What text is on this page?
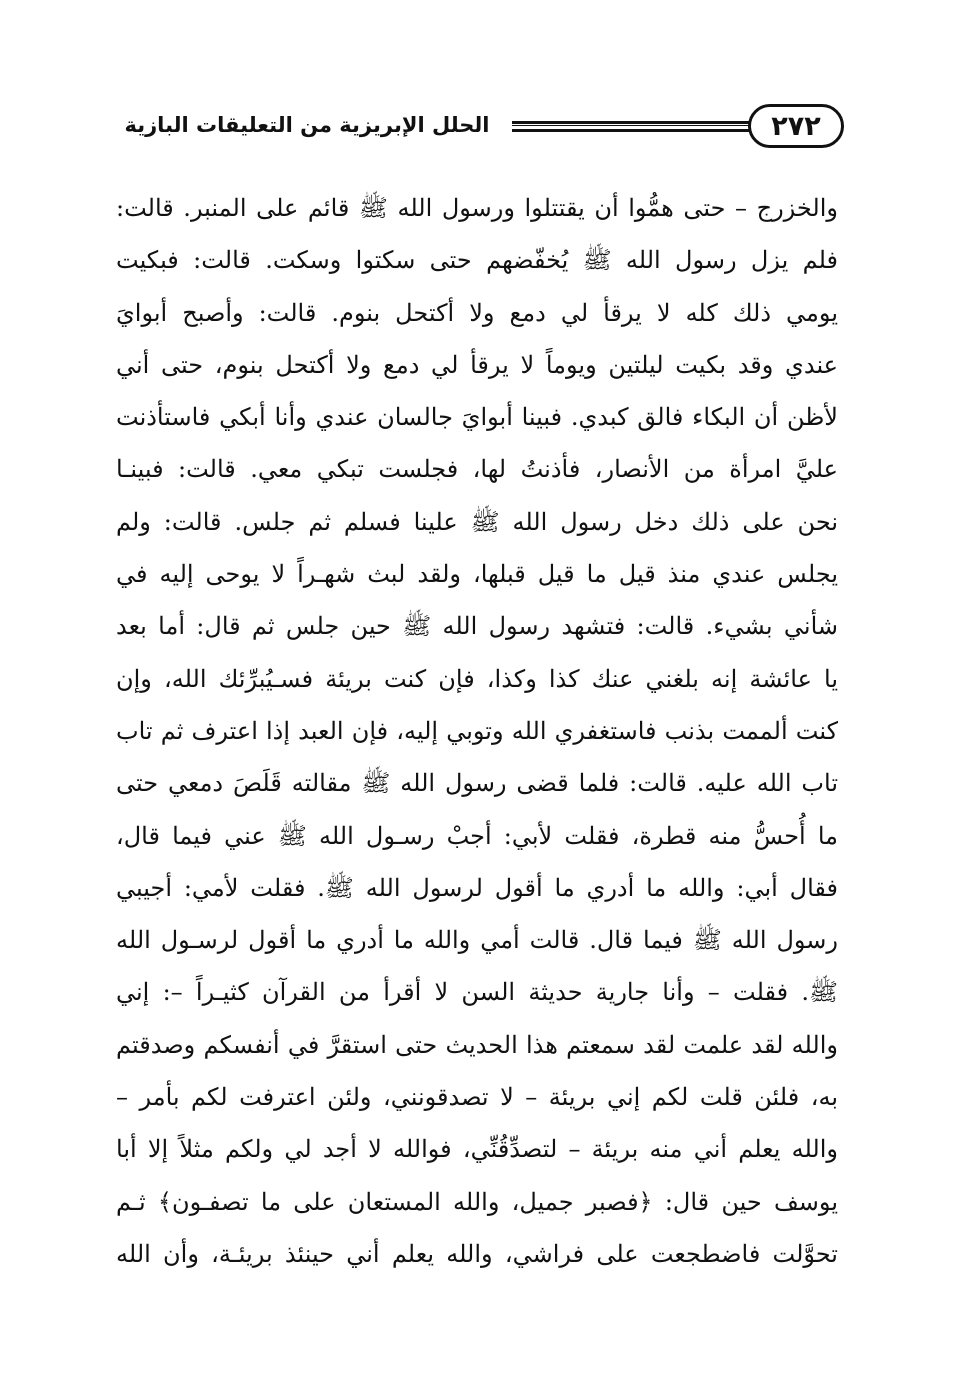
٢٧٢
الحلل الإبريزية من التعليقات البازية
والخزرج – حتى همُّوا أن يقتتلوا ورسول الله ﷺ قائم على المنبر. قالت:
فلم يزل رسول الله ﷺ يُخفّضهم حتى سكتوا وسكت. قالت: فبكيت
يومي ذلك كله لا يرقأ لي دمع ولا أكتحل بنوم. قالت: وأصبح أبوايَ
عندي وقد بكيت ليلتين ويوماً لا يرقأ لي دمع ولا أكتحل بنوم، حتى أني
لأظن أن البكاء فالق كبدي. فبينا أبوايَ جالسان عندي وأنا أبكي فاستأذنت
عليَّ امرأة من الأنصار، فأذنتُ لها، فجلست تبكي معي. قالت: فبينـا
نحن على ذلك دخل رسول الله ﷺ علينا فسلم ثم جلس. قالت: ولم
يجلس عندي منذ قيل ما قيل قبلها، ولقد لبث شهـراً لا يوحى إليه في
شأني بشيء. قالت: فتشهد رسول الله ﷺ حين جلس ثم قال: أما بعد
يا عائشة إنه بلغني عنك كذا وكذا، فإن كنت بريئة فسـيُبرِّئك الله، وإن
كنت ألممت بذنب فاستغفري الله وتوبي إليه، فإن العبد إذا اعترف ثم تاب
تاب الله عليه. قالت: فلما قضى رسول الله ﷺ مقالته قَلَصَ دمعي حتى
ما أُحسُّ منه قطرة، فقلت لأبي: أجبْ رسـول الله ﷺ عني فيما قال،
فقال أبي: والله ما أدري ما أقول لرسول الله ﷺ. فقلت لأمي: أجيبي
رسول الله ﷺ فيما قال. قالت أمي والله ما أدري ما أقول لرسـول الله
ﷺ. فقلت – وأنا جارية حديثة السن لا أقرأ من القرآن كثيـراً –: إني
والله لقد علمت لقد سمعتم هذا الحديث حتى استقرَّ في أنفسكم وصدقتم
به، فلئن قلت لكم إني بريئة – لا تصدقونني، ولئن اعترفت لكم بأمر –
والله يعلم أني منه بريئة – لتصدِّقُنِّي، فوالله لا أجد لي ولكم مثلاً إلا أبا
يوسف حين قال: ﴿فصبر جميل، والله المستعان على ما تصفـون﴾ ثـم
تحوَّلت فاضطجعت على فراشي، والله يعلم أني حينئذ بريئـة، وأن الله
